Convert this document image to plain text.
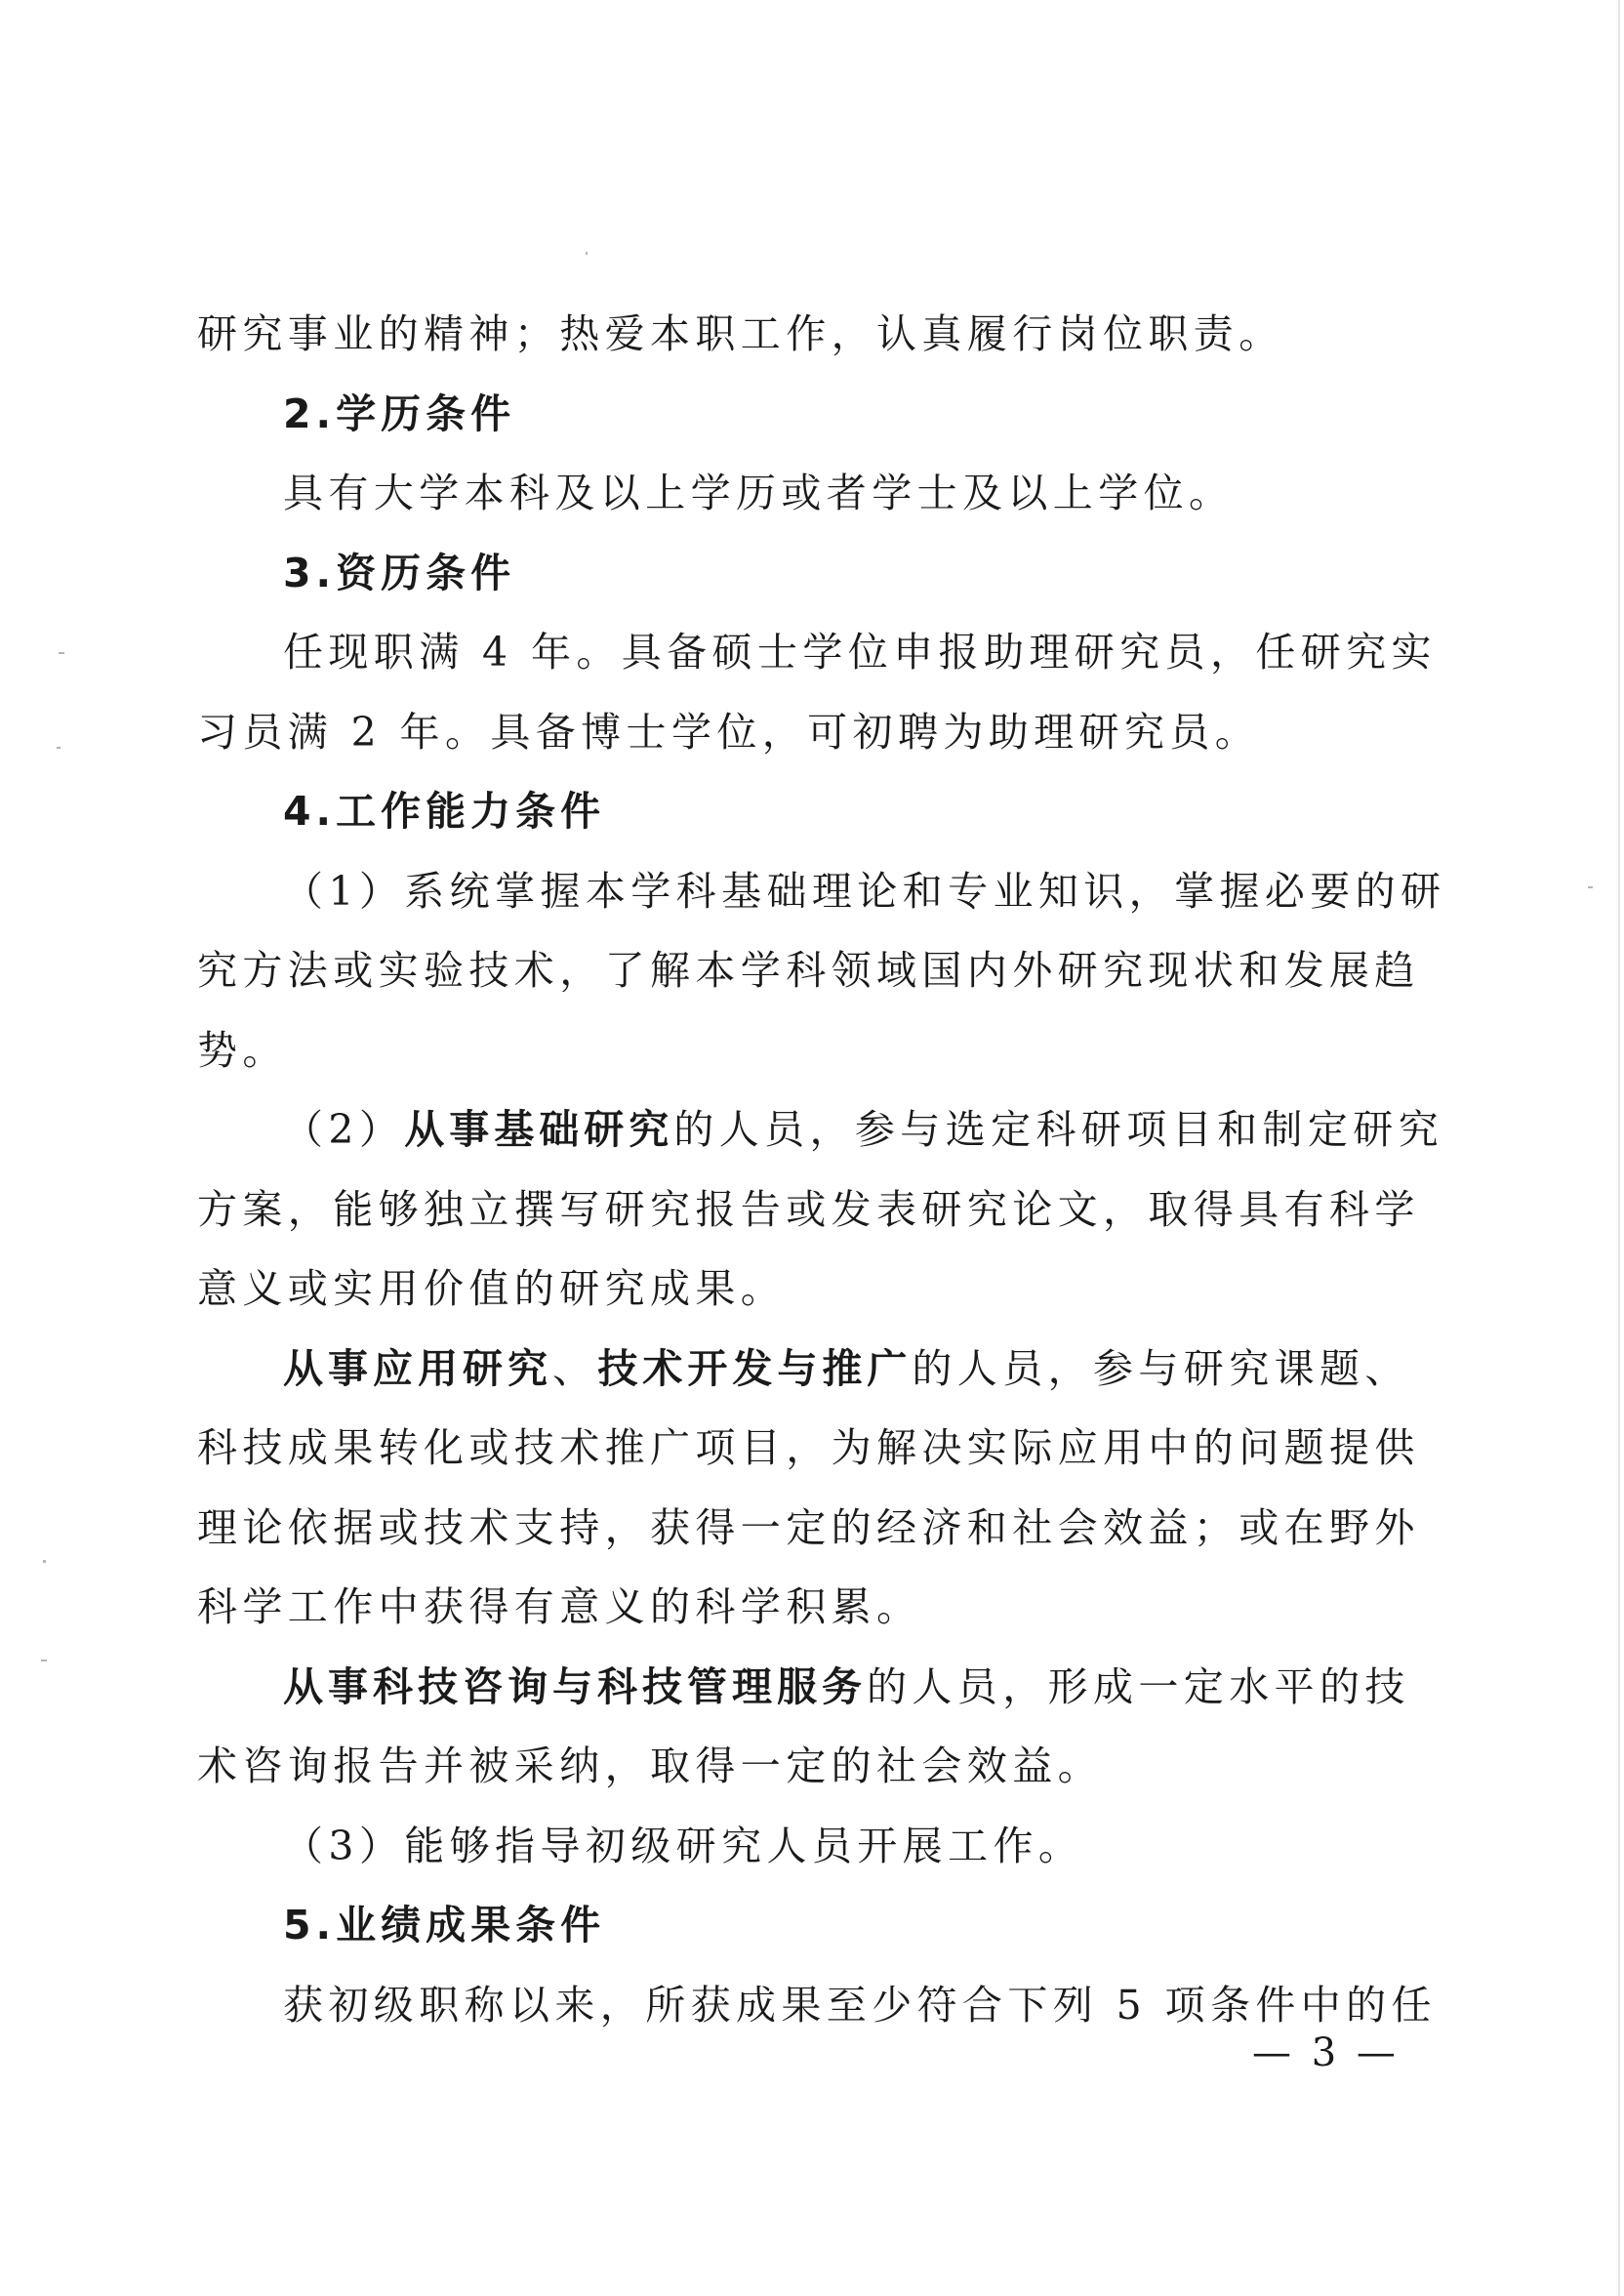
研究事业的精神；热爱本职工作，认真履行岗位职责。
2.学历条件
具有大学本科及以上学历或者学士及以上学位。
3.资历条件
任现职满 4 年。具备硕士学位申报助理研究员，任研究实
习员满 2 年。具备博士学位，可初聘为助理研究员。
4.工作能力条件
（1）系统掌握本学科基础理论和专业知识，掌握必要的研
究方法或实验技术，了解本学科领域国内外研究现状和发展趋
势。
（2）从事基础研究的人员，参与选定科研项目和制定研究
方案，能够独立撰写研究报告或发表研究论文，取得具有科学
意义或实用价值的研究成果。
从事应用研究、技术开发与推广的人员，参与研究课题、
科技成果转化或技术推广项目，为解决实际应用中的问题提供
理论依据或技术支持，获得一定的经济和社会效益；或在野外
科学工作中获得有意义的科学积累。
从事科技咨询与科技管理服务的人员，形成一定水平的技
术咨询报告并被采纳，取得一定的社会效益。
（3）能够指导初级研究人员开展工作。
5.业绩成果条件
获初级职称以来，所获成果至少符合下列 5 项条件中的任
— 3 —
